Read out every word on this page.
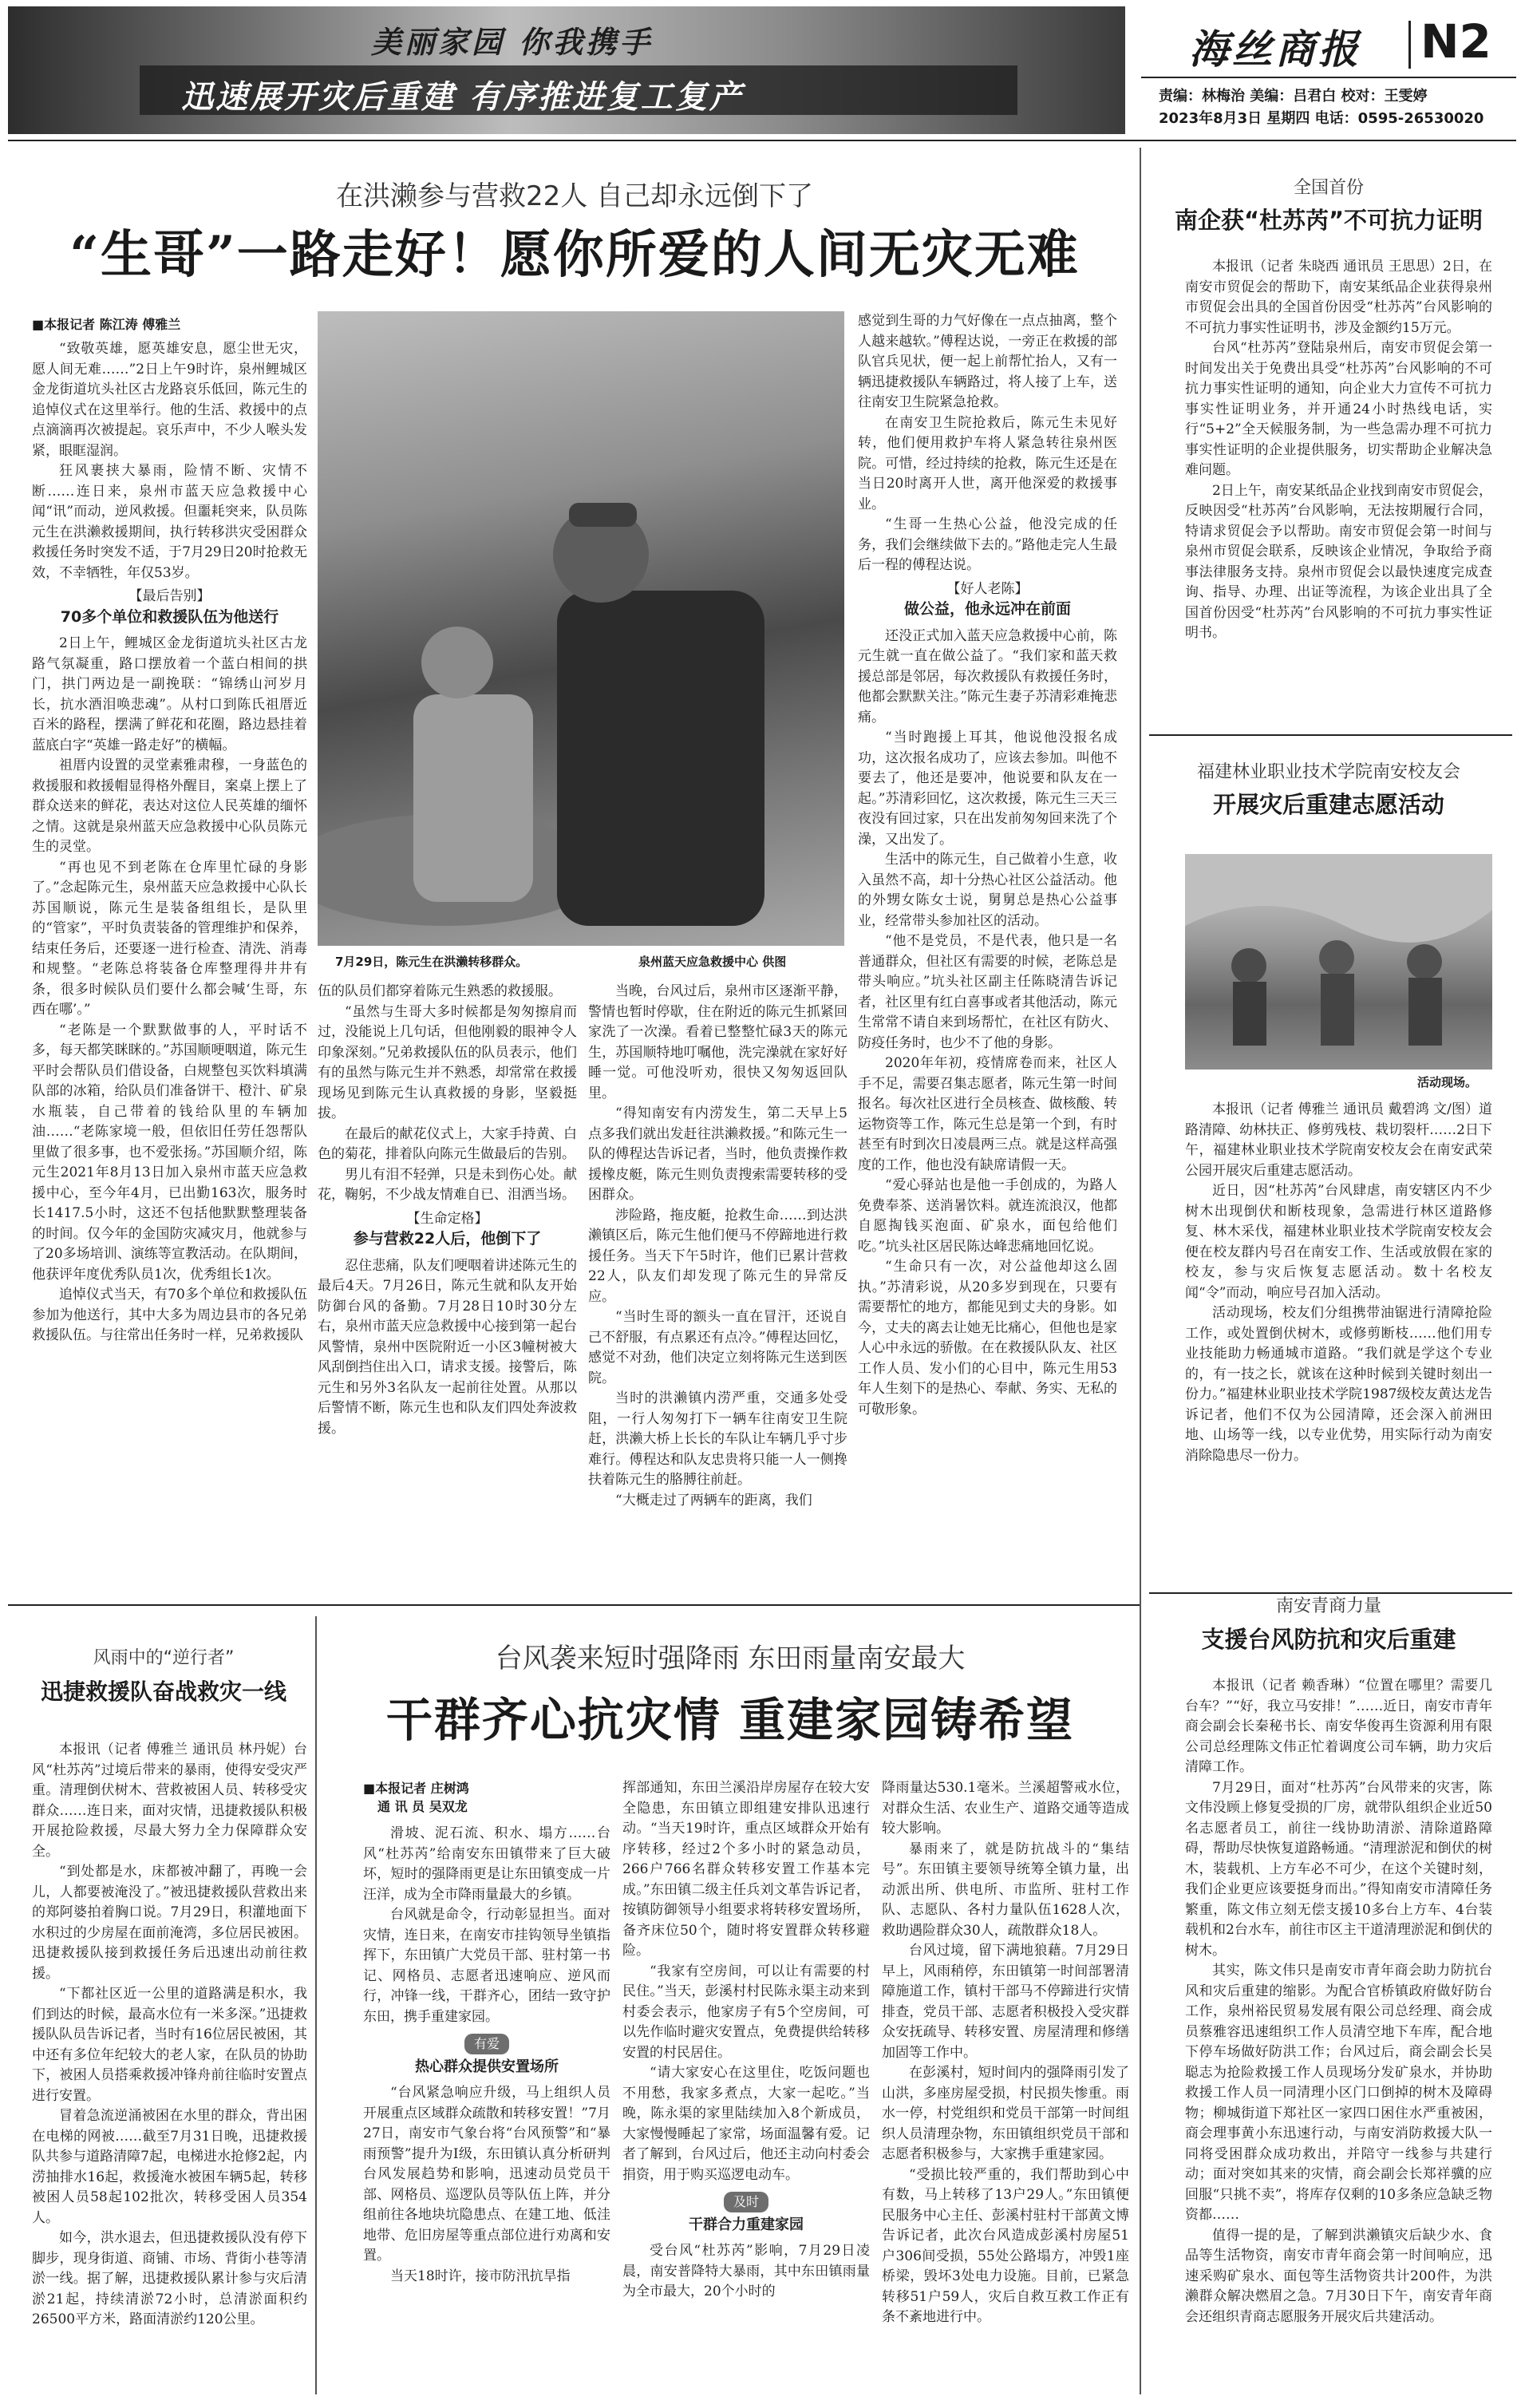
美丽家园 你我携手
迅速展开灾后重建 有序推进复工复产
海丝商报 N2
责编：林梅治 美编：吕君白 校对：王雯婷
2023年8月3日 星期四 电话：0595-26530020
在洪濑参与营救22人 自己却永远倒下了
“生哥”一路走好！愿你所爱的人间无灾无难
■本报记者 陈江涛 傅雅兰

“致敬英雄，愿英雄安息，愿尘世无灾，愿人间无难……”2日上午9时许，泉州鲤城区金龙街道坑头社区古龙路哀乐低回，陈元生的追悼仪式在这里举行。他的生活、救援中的点点滴滴再次被提起。哀乐声中，不少人喉头发紧，眼眶湿润。

狂风裹挟大暴雨，险情不断、灾情不断……连日来，泉州市蓝天应急救援中心闻“讯”而动，逆风救援。但噩耗突来，队员陈元生在洪濑救援期间，执行转移洪灾受困群众救援任务时突发不适，于7月29日20时抢救无效，不幸牺牲，年仅53岁。

【最后告别】
70多个单位和救援队伍为他送行

2日上午，鲤城区金龙街道坑头社区古龙路气氛凝重，路口摆放着一个蓝白相间的拱门，拱门两边是一副挽联：“锦绣山河岁月长，抗水酒泪唤悲魂”。从村口到陈氏祖厝近百米的路程，摆满了鲜花和花圈，路边悬挂着蓝底白字“英雄一路走好”的横幅。

祖厝内设置的灵堂素雅肃穆，一身蓝色的救援服和救援帽显得格外醒目，案桌上摆上了群众送来的鲜花，表达对这位人民英雄的缅怀之情。这就是泉州蓝天应急救援中心队员陈元生的灵堂。

“再也见不到老陈在仓库里忙碌的身影了。”念起陈元生，泉州蓝天应急救援中心队长苏国顺说，陈元生是装备组组长，是队里的“管家”，平时负责装备的管理维护和保养，结束任务后，还要逐一进行检查、清洗、消毒和规整。“老陈总将装备仓库整理得井井有条，很多时候队员们要什么都会喊‘生哥，东西在哪’。”

“老陈是一个默默做事的人，平时话不多，每天都笑眯眯的。”苏国顺哽咽道，陈元生平时会帮队员们借设备，白规整包买饮料填满队部的冰箱，给队员们准备饼干、橙汁、矿泉水瓶装，自己带着的钱给队里的车辆加油……“老陈家境一般，但依旧任劳任怨帮队里做了很多事，也不爱张扬。”苏国顺介绍，陈元生2021年8月13日加入泉州市蓝天应急救援中心，至今年4月，已出勤163次，服务时长1417.5小时，这还不包括他默默整理装备的时间。仅今年的金国防灾减灾月，他就参与了20多场培训、演练等宣教活动。在队期间，他获评年度优秀队员1次，优秀组长1次。

追悼仪式当天，有70多个单位和救援队伍参加为他送行，其中大多为周边县市的各兄弟救援队伍。与往常出任务时一样，兄弟救援队

7月29日，陈元生在洪濑转移群众。	泉州蓝天应急救援中心 供图

伍的队员们都穿着陈元生熟悉的救援服。

“虽然与生哥大多时候都是匆匆擦肩而过，没能说上几句话，但他刚毅的眼神令人印象深刻。”兄弟救援队伍的队员表示，他们有的虽然与陈元生并不熟悉，却常常在救援现场见到陈元生认真救援的身影，坚毅挺拔。

在最后的献花仪式上，大家手持黄、白色的菊花，排着队向陈元生做最后的告别。

男儿有泪不轻弹，只是未到伤心处。献花，鞠躬，不少战友情难自已、泪洒当场。

【生命定格】
参与营救22人后，他倒下了

忍住悲痛，队友们哽咽着讲述陈元生的最后4天。7月26日，陈元生就和队友开始防御台风的备勤。7月28日10时30分左右，泉州市蓝天应急救援中心接到第一起台风警情，泉州中医院附近一小区3幢树被大风刮倒挡住出入口，请求支援。接警后，陈元生和另外3名队友一起前往处置。从那以后警情不断，陈元生也和队友们四处奔波救援。

当晚，台风过后，泉州市区逐渐平静，警情也暂时停歇，住在附近的陈元生抓紧回家洗了一次澡。看着已整整忙碌3天的陈元生，苏国顺特地叮嘱他，洗完澡就在家好好睡一觉。可他没听劝，很快又匆匆返回队里。

“得知南安有内涝发生，第二天早上5点多我们就出发赶往洪濑救援。”和陈元生一队的傅程达告诉记者，当时，他负责操作救援橡皮艇，陈元生则负责搜索需要转移的受困群众。

涉险路，拖皮艇，抢救生命……到达洪濑镇区后，陈元生他们便马不停蹄地进行救援任务。当天下午5时许，他们已累计营救22人，队友们却发现了陈元生的异常反应。

“当时生哥的额头一直在冒汗，还说自己不舒服，有点累还有点冷。”傅程达回忆，感觉不对劲，他们决定立刻将陈元生送到医院。

当时的洪濑镇内涝严重，交通多处受阻，一行人匆匆打下一辆车往南安卫生院赶，洪濑大桥上长长的车队让车辆几乎寸步难行。傅程达和队友忠贵将只能一人一侧搀扶着陈元生的胳膊往前赶。

“大概走过了两辆车的距离，我们

感觉到生哥的力气好像在一点点抽离，整个人越来越软。”傅程达说，一旁正在救援的部队官兵见状，便一起上前帮忙抬人，又有一辆迅捷救援队车辆路过，将人接了上车，送往南安卫生院紧急抢救。

在南安卫生院抢救后，陈元生未见好转，他们便用救护车将人紧急转往泉州医院。可惜，经过持续的抢救，陈元生还是在当日20时离开人世，离开他深爱的救援事业。

“生哥一生热心公益，他没完成的任务，我们会继续做下去的。”路他走完人生最后一程的傅程达说。

【好人老陈】
做公益，他永远冲在前面

还没正式加入蓝天应急救援中心前，陈元生就一直在做公益了。“我们家和蓝天救援总部是邻居，每次救援队有救援任务时，他都会默默关注。”陈元生妻子苏清彩难掩悲痛。

“当时跑援上耳其，他说他没报名成功，这次报名成功了，应该去参加。叫他不要去了，他还是要冲，他说要和队友在一起。”苏清彩回忆，这次救援，陈元生三天三夜没有回过家，只在出发前匆匆回来洗了个澡，又出发了。

生活中的陈元生，自己做着小生意，收入虽然不高，却十分热心社区公益活动。他的外甥女陈女士说，舅舅总是热心公益事业，经常带头参加社区的活动。

“他不是党员，不是代表，他只是一名普通群众，但社区有需要的时候，老陈总是带头响应。”坑头社区副主任陈晓清告诉记者，社区里有红白喜事或者其他活动，陈元生常常不请自来到场帮忙，在社区有防火、防疫任务时，也少不了他的身影。

2020年年初，疫情席卷而来，社区人手不足，需要召集志愿者，陈元生第一时间报名。每次社区进行全员核查、做核酸、转运物资等工作，陈元生总是第一个到，有时甚至有时到次日凌晨两三点。就是这样高强度的工作，他也没有缺席请假一天。

“爱心驿站也是他一手创成的，为路人免费奉茶、送消暑饮料。就连流浪汉，他都自愿掏钱买泡面、矿泉水，面包给他们吃。”坑头社区居民陈达峰悲痛地回忆说。

“生命只有一次，对公益他却这么固执。”苏清彩说，从20多岁到现在，只要有需要帮忙的地方，都能见到丈夫的身影。如今，丈夫的离去让她无比痛心，但他也是家人心中永远的骄傲。在在救援队队友、社区工作人员、发小们的心目中，陈元生用53年人生刻下的是热心、奉献、务实、无私的可敬形象。

全国首份
南企获“杜苏芮”不可抗力证明

本报讯（记者 朱晓西 通讯员 王思思）2日，在南安市贸促会的帮助下，南安某纸品企业获得泉州市贸促会出具的全国首份因受“杜苏芮”台风影响的不可抗力事实性证明书，涉及金额约15万元。

台风“杜苏芮”登陆泉州后，南安市贸促会第一时间发出关于免费出具受“杜苏芮”台风影响的不可抗力事实性证明的通知，向企业大力宣传不可抗力事实性证明业务，并开通24小时热线电话，实行“5+2”全天候服务制，为一些急需办理不可抗力事实性证明的企业提供服务，切实帮助企业解决急难问题。

2日上午，南安某纸品企业找到南安市贸促会，反映因受“杜苏芮”台风影响，无法按期履行合同，特请求贸促会予以帮助。南安市贸促会第一时间与泉州市贸促会联系，反映该企业情况，争取给予商事法律服务支持。泉州市贸促会以最快速度完成查询、指导、办理、出证等流程，为该企业出具了全国首份因受“杜苏芮”台风影响的不可抗力事实性证明书。

福建林业职业技术学院南安校友会
开展灾后重建志愿活动
活动现场。

本报讯（记者 傅雅兰 通讯员 戴碧鸿 文/图）道路清障、幼林扶正、修剪残枝、栽切裂杆……2日下午，福建林业职业技术学院南安校友会在南安武荣公园开展灾后重建志愿活动。

近日，因“杜苏芮”台风肆虐，南安辖区内不少树木出现倒伏和断枝现象，急需进行林区道路修复、林木采伐，福建林业职业技术学院南安校友会便在校友群内号召在南安工作、生活或放假在家的校友，参与灾后恢复志愿活动。数十名校友闻“令”而动，响应号召加入活动。

活动现场，校友们分组携带油锯进行清障抢险工作，或处置倒伏树木，或修剪断枝……他们用专业技能助力畅通城市道路。“我们就是学这个专业的，有一技之长，就该在这种时候到关键时刻出一份力。”福建林业职业技术学院1987级校友黄达龙告诉记者，他们不仅为公园清障，还会深入前洲田地、山场等一线，以专业优势，用实际行动为南安消除隐患尽一份力。

南安青商力量
支援台风防抗和灾后重建

本报讯（记者 赖香琳）“位置在哪里？需要几台车？”“好，我立马安排！”……近日，南安市青年商会副会长秦秘书长、南安华俊再生资源利用有限公司总经理陈文伟正忙着调度公司车辆，助力灾后清障工作。

7月29日，面对“杜苏芮”台风带来的灾害，陈文伟没顾上修复受损的厂房，就带队组织企业近50名志愿者员工，前往一线协助清淤、清除道路障碍，帮助尽快恢复道路畅通。“清理淤泥和倒伏的树木，装载机、上方车必不可少，在这个关键时刻，我们企业更应该要挺身而出。”得知南安市清障任务繁重，陈文伟立刻无偿支援10多台上方车、4台装载机和2台水车，前往市区主干道清理淤泥和倒伏的树木。

其实，陈文伟只是南安市青年商会助力防抗台风和灾后重建的缩影。为配合官桥镇政府做好防台工作，泉州裕民贸易发展有限公司总经理、商会成员蔡雅容迅速组织工作人员清空地下车库，配合地下停车场做好防洪工作；台风过后，商会副会长吴聪志为抢险救援工作人员现场分发矿泉水，并协助救援工作人员一同清理小区门口倒掉的树木及障碍物；柳城街道下郑社区一家四口困住水严重被困，商会理事黄小东迅速行动，与南安消防救援大队一同将受困群众成功救出，并陪守一线参与共建行动；面对突如其来的灾情，商会副会长郑祥骥的应回服“只挑不卖”，将库存仅剩的10多条应急缺乏物资都……

值得一提的是，了解到洪濑镇灾后缺少水、食品等生活物资，南安市青年商会第一时间响应，迅速采购矿泉水、面包等生活物资共计200件，为洪濑群众解决燃眉之急。7月30日下午，南安青年商会还组织青商志愿服务开展灾后共建活动。

风雨中的“逆行者”
迅捷救援队奋战救灾一线

本报讯（记者 傅雅兰 通讯员 林丹妮）台风“杜苏芮”过境后带来的暴雨，使得安受灾严重。清理倒伏树木、营救被困人员、转移受灾群众……连日来，面对灾情，迅捷救援队积极开展抢险救援，尽最大努力全力保障群众安全。

“到处都是水，床都被冲翻了，再晚一会儿，人都要被淹没了。”被迅捷救援队营救出来的郑阿婆拍着胸口说。7月29日，积灌地面下水积过的少房屋在面前淹湾，多位居民被困。迅捷救援队接到救援任务后迅速出动前往救援。

“下都社区近一公里的道路满是积水，我们到达的时候，最高水位有一米多深。”迅捷救援队队员告诉记者，当时有16位居民被困，其中还有多位年纪较大的老人家，在队员的协助下，被困人员搭乘救援冲锋舟前往临时安置点进行安置。

冒着急流逆涌被困在水里的群众，背出困在电梯的网被……截至7月31日晚，迅捷救援队共参与道路清障7起，电梯进水抢修2起，内涝抽排水16起，救援淹水被困车辆5起，转移被困人员58起102批次，转移受困人员354人。

如今，洪水退去，但迅捷救援队没有停下脚步，现身街道、商铺、市场、背街小巷等清淤一线。据了解，迅捷救援队累计参与灾后清淤21起，持续清淤72小时，总清淤面积约26500平方米，路面清淤约120公里。

台风袭来短时强降雨 东田雨量南安最大
干群齐心抗灾情 重建家园铸希望
■本报记者 庄树鸿
通 讯 员 吴双龙

滑坡、泥石流、积水、塌方……台风“杜苏芮”给南安东田镇带来了巨大破坏，短时的强降雨更是让东田镇变成一片汪洋，成为全市降雨量最大的乡镇。

台风就是命令，行动彰显担当。面对灾情，连日来，在南安市挂钩领导坐镇指挥下，东田镇广大党员干部、驻村第一书记、网格员、志愿者迅速响应、逆风而行，冲锋一线，干群齐心，团结一致守护东田，携手重建家园。

有爱
热心群众提供安置场所

“台风紧急响应升级，马上组织人员开展重点区域群众疏散和转移安置！”7月27日，南安市气象台将“台风预警”和“暴雨预警”提升为I级，东田镇认真分析研判台风发展趋势和影响，迅速动员党员干部、网格员、巡逻队员等队伍上阵，并分组前往各地块坑隐患点、在建工地、低洼地带、危旧房屋等重点部位进行劝离和安置。

当天18时许，接市防汛抗旱指

挥部通知，东田兰溪沿岸房屋存在较大安全隐患，东田镇立即组建安排队迅速行动。“当天19时许，重点区域群众开始有序转移，经过2个多小时的紧急动员，266户766名群众转移安置工作基本完成。”东田镇二级主任兵刘文革告诉记者，按镇防御领导小组要求将转移安置场所，备齐床位50个，随时将安置群众转移避险。

“我家有空房间，可以让有需要的村民住。”当天，彭溪村村民陈永渠主动来到村委会表示，他家房子有5个空房间，可以先作临时避灾安置点，免费提供给转移安置的村民居住。

“请大家安心在这里住，吃饭问题也不用愁，我家多煮点，大家一起吃。”当晚，陈永渠的家里陆续加入8个新成员，大家慢慢睡起了家常，场面温馨有爱。记者了解到，台风过后，他还主动向村委会捐资，用于购买巡逻电动车。

及时
干群合力重建家园

受台风“杜苏芮”影响，7月29日凌晨，南安普降特大暴雨，其中东田镇雨量为全市最大，20个小时的

降雨量达530.1毫米。兰溪超警戒水位，对群众生活、农业生产、道路交通等造成较大影响。

暴雨来了，就是防抗战斗的“集结号”。东田镇主要领导统筹全镇力量，出动派出所、供电所、市监所、驻村工作队、志愿队、各村力量队伍1628人次，救助遇险群众30人，疏散群众18人。

台风过境，留下满地狼藉。7月29日早上，风雨稍停，东田镇第一时间部署清障施道工作，镇村干部马不停蹄进行灾情排查，党员干部、志愿者积极投入受灾群众安抚疏导、转移安置、房屋清理和修缮加固等工作中。

在彭溪村，短时间内的强降雨引发了山洪，多座房屋受损，村民损失惨重。雨水一停，村党组织和党员干部第一时间组织人员清理杂物，东田镇组织党员干部和志愿者积极参与，大家携手重建家园。

“受损比较严重的，我们帮助到心中有数，马上转移了13户29人。”东田镇便民服务中心主任、彭溪村驻村干部黄文博告诉记者，此次台风造成彭溪村房屋51户306间受损，55处公路塌方，冲毁1座桥梁，毁坏3处电力设施。目前，已紧急转移51户59人，灾后自救互救工作正有条不紊地进行中。
